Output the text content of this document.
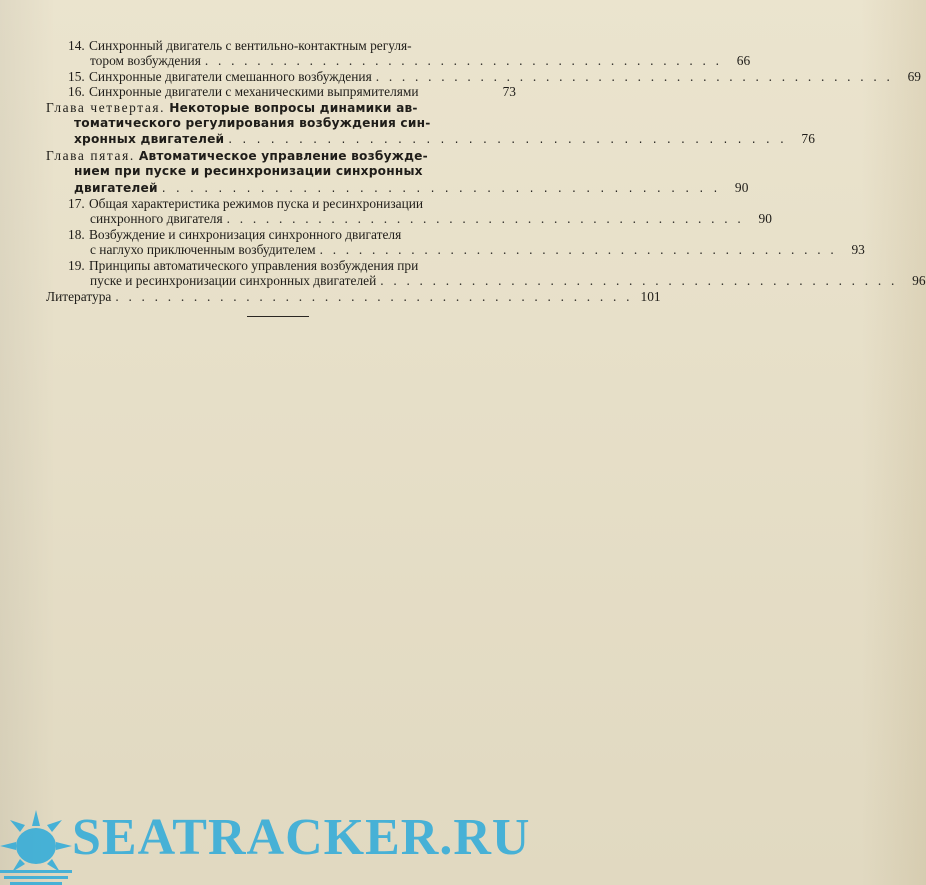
14. Синхронный двигатель с вентильно-контактным регуля-
тором возбуждения . . . . . . . . . . . . . . . . . . . . . . . . . . . . . . . . . . . . . . . .	66
15. Синхронные двигатели смешанного возбуждения . . . . . . . . . . . . . . . . . . . . . . . . . . . . . . . . . . . . . . . .	69
16. Синхронные двигатели с механическими выпрямителями	73
Глава четвертая. Некоторые вопросы динамики ав-
томатического регулирования возбуждения син-
хронных двигателей . . . . . . . . . . . . . . . . . . . . . . . . . . . . . . . . . . . . . . . .	76
Глава пятая. Автоматическое управление возбужде-
нием при пуске и ресинхронизации синхронных
двигателей . . . . . . . . . . . . . . . . . . . . . . . . . . . . . . . . . . . . . . . .	90
17. Общая характеристика режимов пуска и ресинхронизации
синхронного двигателя . . . . . . . . . . . . . . . . . . . . . . . . . . . . . . . . . . . . . . . .	90
18. Возбуждение и синхронизация синхронного двигателя
с наглухо приключенным возбудителем . . . . . . . . . . . . . . . . . . . . . . . . . . . . . . . . . . . . . . . .	93
19. Принципы автоматического управления возбуждения при
пуске и ресинхронизации синхронных двигателей . . . . . . . . . . . . . . . . . . . . . . . . . . . . . . . . . . . . . . . .	96
Литература . . . . . . . . . . . . . . . . . . . . . . . . . . . . . . . . . . . . . . . . 101
SEATRACKER.RU
